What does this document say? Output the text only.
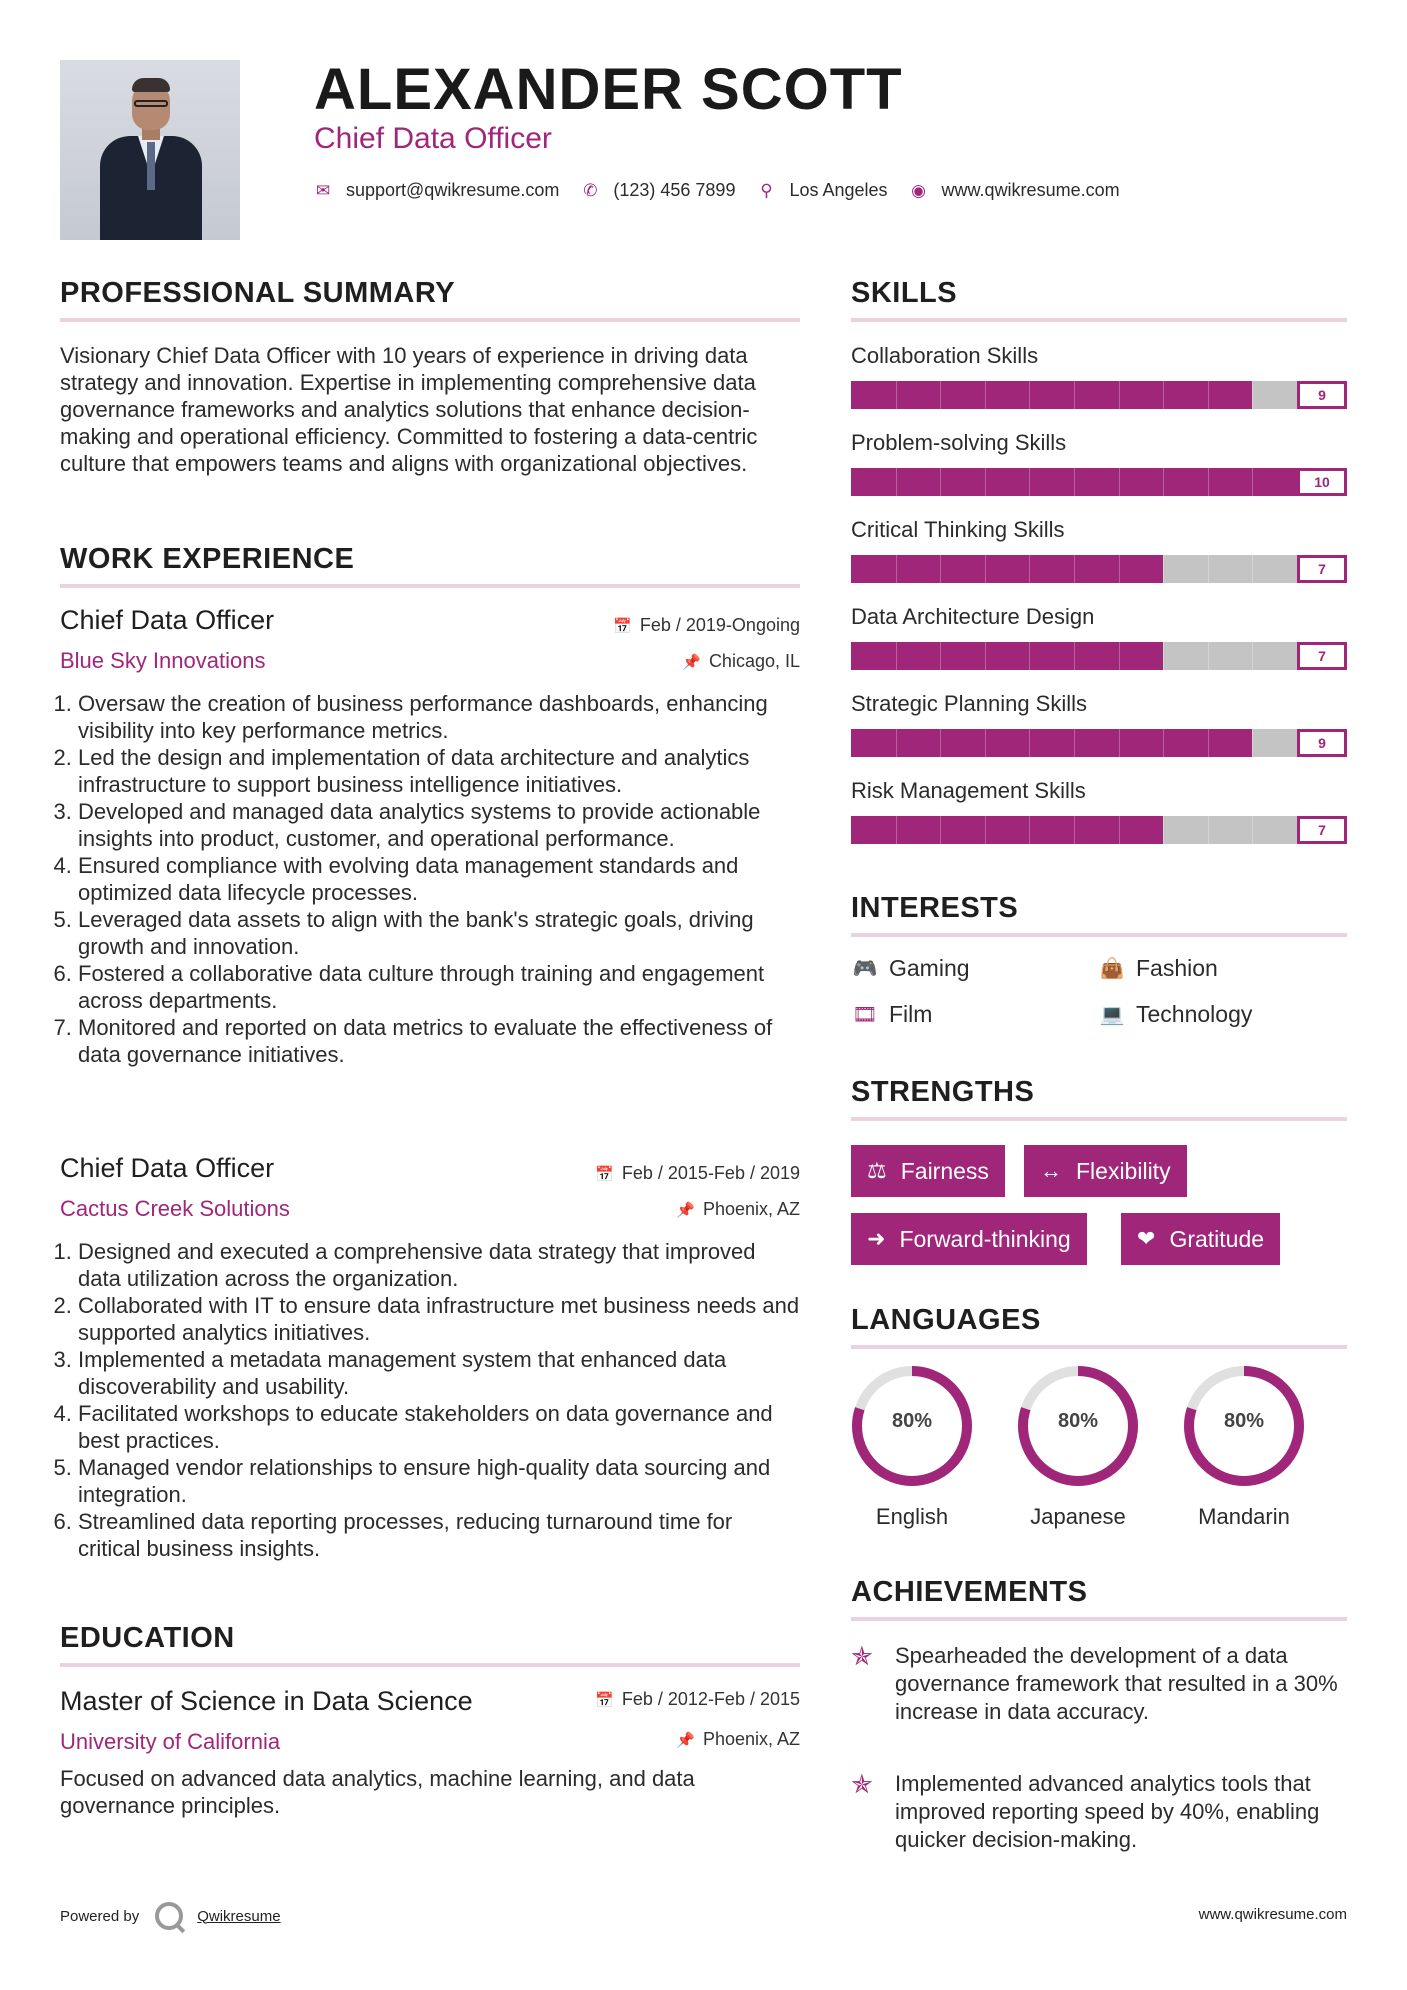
ALEXANDER SCOTT
Chief Data Officer
✉ support@qwikresume.com ✆ (123) 456 7899 ⚲ Los Angeles ◉ www.qwikresume.com
PROFESSIONAL SUMMARY
Visionary Chief Data Officer with 10 years of experience in driving data strategy and innovation. Expertise in implementing comprehensive data governance frameworks and analytics solutions that enhance decision-making and operational efficiency. Committed to fostering a data-centric culture that empowers teams and aligns with organizational objectives.
WORK EXPERIENCE
Chief Data Officer	📅 Feb / 2019-Ongoing
Blue Sky Innovations	📌 Chicago, IL
1. Oversaw the creation of business performance dashboards, enhancing visibility into key performance metrics.
2. Led the design and implementation of data architecture and analytics infrastructure to support business intelligence initiatives.
3. Developed and managed data analytics systems to provide actionable insights into product, customer, and operational performance.
4. Ensured compliance with evolving data management standards and optimized data lifecycle processes.
5. Leveraged data assets to align with the bank's strategic goals, driving growth and innovation.
6. Fostered a collaborative data culture through training and engagement across departments.
7. Monitored and reported on data metrics to evaluate the effectiveness of data governance initiatives.
Chief Data Officer	📅 Feb / 2015-Feb / 2019
Cactus Creek Solutions	📌 Phoenix, AZ
1. Designed and executed a comprehensive data strategy that improved data utilization across the organization.
2. Collaborated with IT to ensure data infrastructure met business needs and supported analytics initiatives.
3. Implemented a metadata management system that enhanced data discoverability and usability.
4. Facilitated workshops to educate stakeholders on data governance and best practices.
5. Managed vendor relationships to ensure high-quality data sourcing and integration.
6. Streamlined data reporting processes, reducing turnaround time for critical business insights.
EDUCATION
Master of Science in Data Science	📅 Feb / 2012-Feb / 2015
University of California	📌 Phoenix, AZ
Focused on advanced data analytics, machine learning, and data governance principles.
SKILLS
Collaboration Skills
9
Problem-solving Skills
10
Critical Thinking Skills
7
Data Architecture Design
7
Strategic Planning Skills
9
Risk Management Skills
7
INTERESTS
🎮 Gaming	👜 Fashion
🎞 Film	💻 Technology
STRENGTHS
⚖ Fairness ↔ Flexibility
➜ Forward-thinking	❤ Gratitude
LANGUAGES
80%
English
80%
Japanese
80%
Mandarin
ACHIEVEMENTS
✯	Spearheaded the development of a data governance framework that resulted in a 30% increase in data accuracy.
✯	Implemented advanced analytics tools that improved reporting speed by 40%, enabling quicker decision-making.
Powered by	Qwikresume	www.qwikresume.com
